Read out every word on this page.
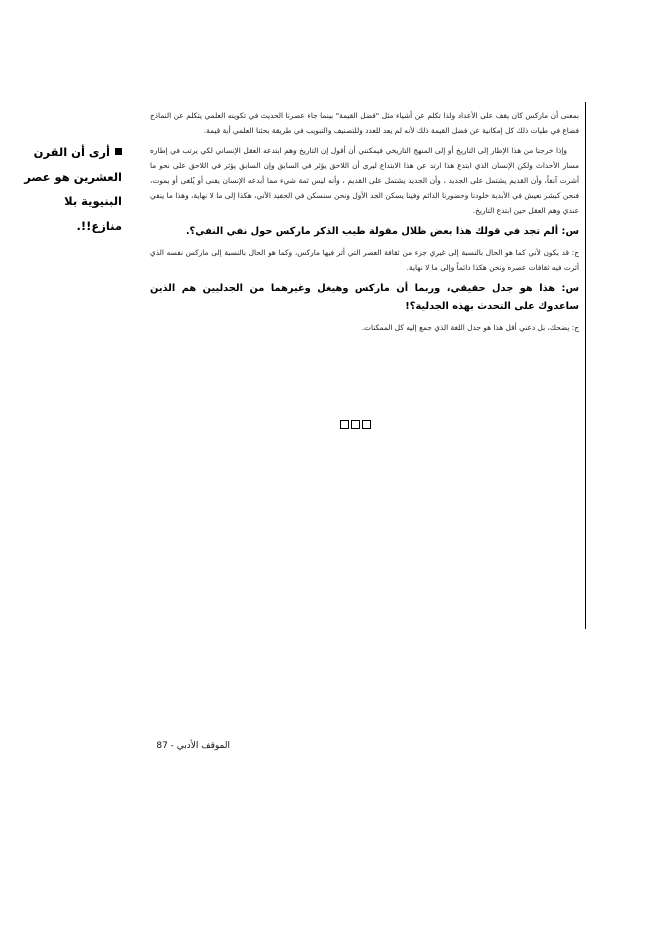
أرى أن القرن العشرين هو عصر البنيوية بلا منازع!!.

بمعنى أن ماركس كان يقف على الأعداد ولذا تكلم عن أشياء مثل "فضل القيمة" بينما جاء عصرنا الحديث في تكوينه العلمي يتكلم عن النماذج فضاع في طيات ذلك كل إمكانية عن فضل القيمة ذلك لأنه لم يعد للعدد وللتصنيف والتبويب في طريقة بحثنا العلمي أية قيمة.

وإذا خرجنا من هذا الإطار إلى التاريخ أو إلى المنهج التاريخي فيمكنني أن أقول إن التاريخ وهم ابتدعه العقل الإنساني لكي يرتب في إطاره مسار الأحداث ولكن الإنسان الذي ابتدع هذا ارتد عن هذا الابتداع ليرى أن اللاحق يؤثر في السابق وإن السابق يؤثر في اللاحق على نحو ما أشرت آنفاً، وأن القديم يشتمل على الجديد ، وأن الجديد يشتمل على القديم ، وأنه ليس ثمة شيء مما أبدعه الإنسان يفنى أو يُلغى أو يموت، فنحن كبشر نعيش في الأبدية خلودنا وحضورنا الدائم وفينا يسكن الجد الأول ونحن سنسكن في الحفيد الآتي، هكذا إلى ما لا نهاية، وهذا ما ينفي عندي وهم العقل حين ابتدع التاريخ.

س: ألم تجد في قولك هذا بعض ظلال مقولة طيب الذكر ماركس حول نفي النفي؟.

ج: قد يكون لأني كما هو الحال بالنسبة إلى غيري جزء من ثقافة العصر التي أثر فيها ماركس، وكما هو الحال بالنسبة إلى ماركس نفسه الذي أثرت فيه ثقافات عصره ونحن هكذا دائماً وإلى ما لا نهاية.

س: هذا هو جدل حقيقي، وربما أن ماركس وهيغل وغيرهما من الجدليين هم الذين ساعدوك على التحدث بهذه الجدلية؟!

ج: يضحك، بل دعني أقل هذا هو جدل اللغة الذي جمع إليه كل الممكنات.

الموقف الأدبي - 87
